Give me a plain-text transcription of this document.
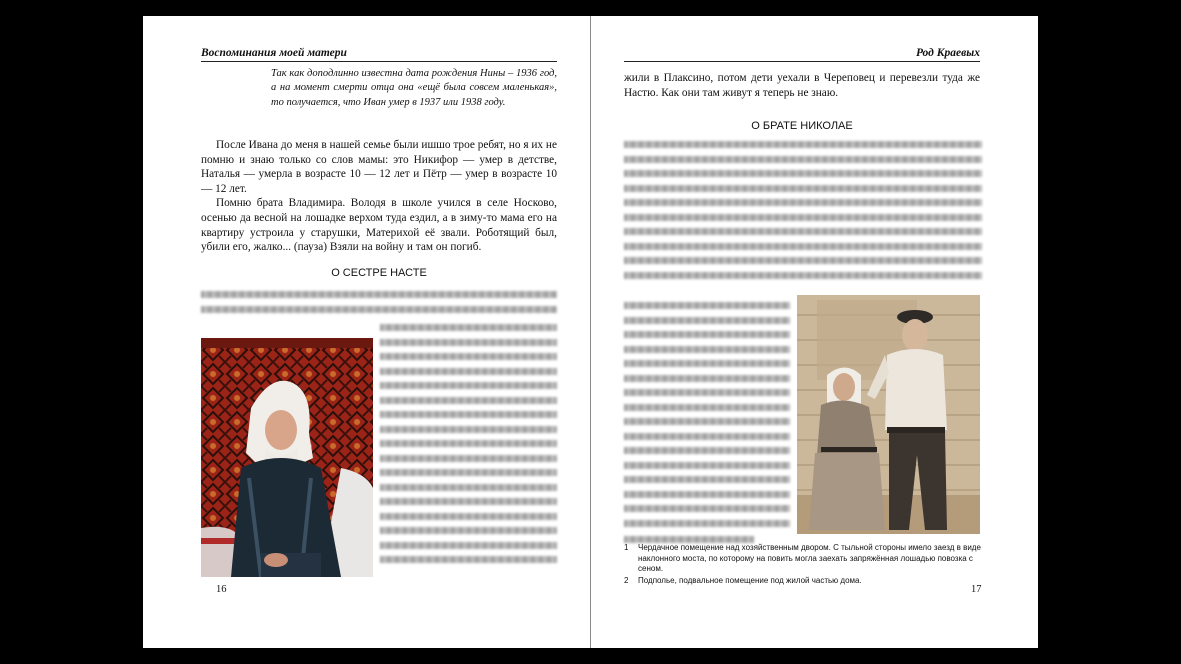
Воспоминания моей матери
Так как доподлинно известна дата рождения Нины – 1936 год, а на момент смерти отца она «ещё была совсем маленькая», то получается, что Иван умер в 1937 или 1938 году.

После Ивана до меня в нашей семье были ишшо трое ребят, но я их не помню и знаю только со слов мамы: это Никифор — умер в детстве, Наталья — умерла в возрасте 10 — 12 лет и Пётр — умер в возрасте 10 — 12 лет.

Помню брата Владимира. Володя в школе учился в селе Носково, осенью да весной на лошадке верхом туда ездил, а в зиму-то мама его на квартиру устроила у старушки, Материхой её звали. Роботящий был, убили его, жалко... (пауза) Взяли на войну и там он погиб.

О СЕСТРЕ НАСТЕ
16
Род Краевых
жили в Плаксино, потом дети уехали в Череповец и перевезли туда же Настю. Как они там живут я теперь не знаю.
О БРАТЕ НИКОЛАЕ
1	Чердачное помещение над хозяйственным двором. С тыльной стороны имело заезд в виде наклонного моста, по которому на повить могла заехать запряжённая лошадью повозка с сеном.
2	Подполье, подвальное помещение под жилой частью дома.
17
